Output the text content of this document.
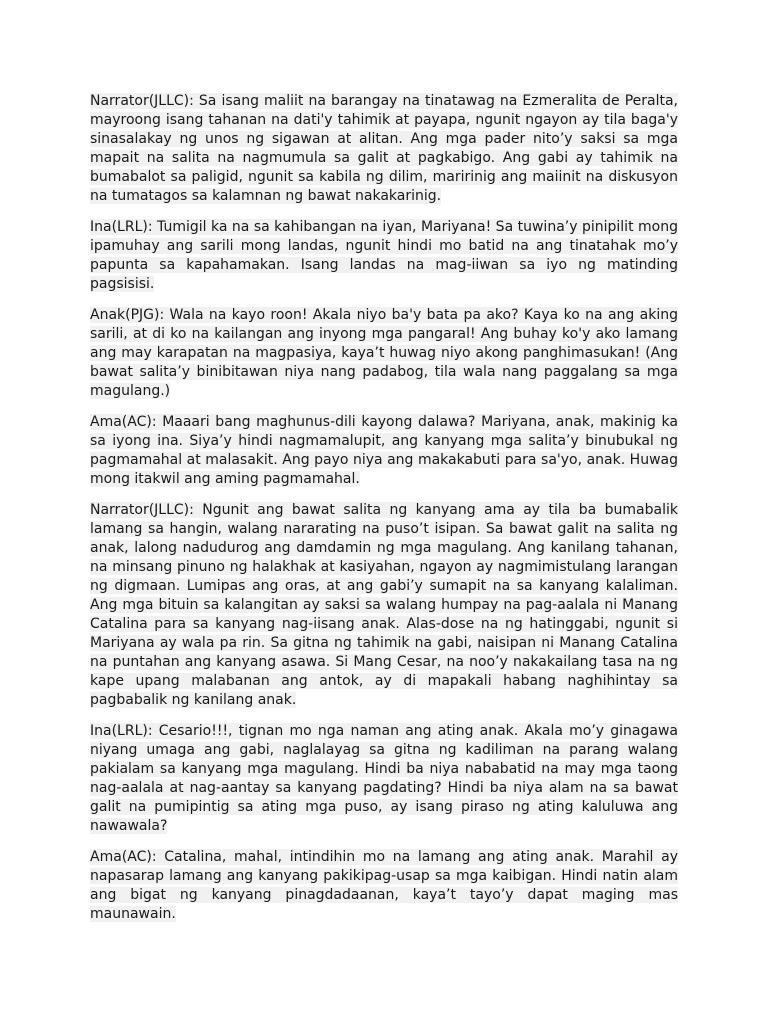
Narrator(JLLC): Sa isang maliit na barangay na tinatawag na Ezmeralita de Peralta, mayroong isang tahanan na dati'y tahimik at payapa, ngunit ngayon ay tila baga'y sinasalakay ng unos ng sigawan at alitan. Ang mga pader nito’y saksi sa mga mapait na salita na nagmumula sa galit at pagkabigo. Ang gabi ay tahimik na bumabalot sa paligid, ngunit sa kabila ng dilim, maririnig ang maiinit na diskusyon na tumatagos sa kalamnan ng bawat nakakarinig.

Ina(LRL): Tumigil ka na sa kahibangan na iyan, Mariyana! Sa tuwina’y pinipilit mong ipamuhay ang sarili mong landas, ngunit hindi mo batid na ang tinatahak mo’y papunta sa kapahamakan. Isang landas na mag-iiwan sa iyo ng matinding pagsisisi.

Anak(PJG): Wala na kayo roon! Akala niyo ba'y bata pa ako? Kaya ko na ang aking sarili, at di ko na kailangan ang inyong mga pangaral! Ang buhay ko'y ako lamang ang may karapatan na magpasiya, kaya’t huwag niyo akong panghimasukan! (Ang bawat salita’y binibitawan niya nang padabog, tila wala nang paggalang sa mga magulang.)

Ama(AC): Maaari bang maghunus-dili kayong dalawa? Mariyana, anak, makinig ka sa iyong ina. Siya’y hindi nagmamalupit, ang kanyang mga salita’y binubukal ng pagmamahal at malasakit. Ang payo niya ang makakabuti para sa'yo, anak. Huwag mong itakwil ang aming pagmamahal.

Narrator(JLLC): Ngunit ang bawat salita ng kanyang ama ay tila ba bumabalik lamang sa hangin, walang nararating na puso’t isipan. Sa bawat galit na salita ng anak, lalong nadudurog ang damdamin ng mga magulang. Ang kanilang tahanan, na minsang pinuno ng halakhak at kasiyahan, ngayon ay nagmimistulang larangan ng digmaan. Lumipas ang oras, at ang gabi’y sumapit na sa kanyang kalaliman. Ang mga bituin sa kalangitan ay saksi sa walang humpay na pag-aalala ni Manang Catalina para sa kanyang nag-iisang anak. Alas-dose na ng hatinggabi, ngunit si Mariyana ay wala pa rin. Sa gitna ng tahimik na gabi, naisipan ni Manang Catalina na puntahan ang kanyang asawa. Si Mang Cesar, na noo’y nakakailang tasa na ng kape upang malabanan ang antok, ay di mapakali habang naghihintay sa pagbabalik ng kanilang anak.

Ina(LRL): Cesario!!!, tignan mo nga naman ang ating anak. Akala mo’y ginagawa niyang umaga ang gabi, naglalayag sa gitna ng kadiliman na parang walang pakialam sa kanyang mga magulang. Hindi ba niya nababatid na may mga taong nag-aalala at nag-aantay sa kanyang pagdating? Hindi ba niya alam na sa bawat galit na pumipintig sa ating mga puso, ay isang piraso ng ating kaluluwa ang nawawala?

Ama(AC): Catalina, mahal, intindihin mo na lamang ang ating anak. Marahil ay napasarap lamang ang kanyang pakikipag-usap sa mga kaibigan. Hindi natin alam ang bigat ng kanyang pinagdadaanan, kaya’t tayo’y dapat maging mas maunawain.
